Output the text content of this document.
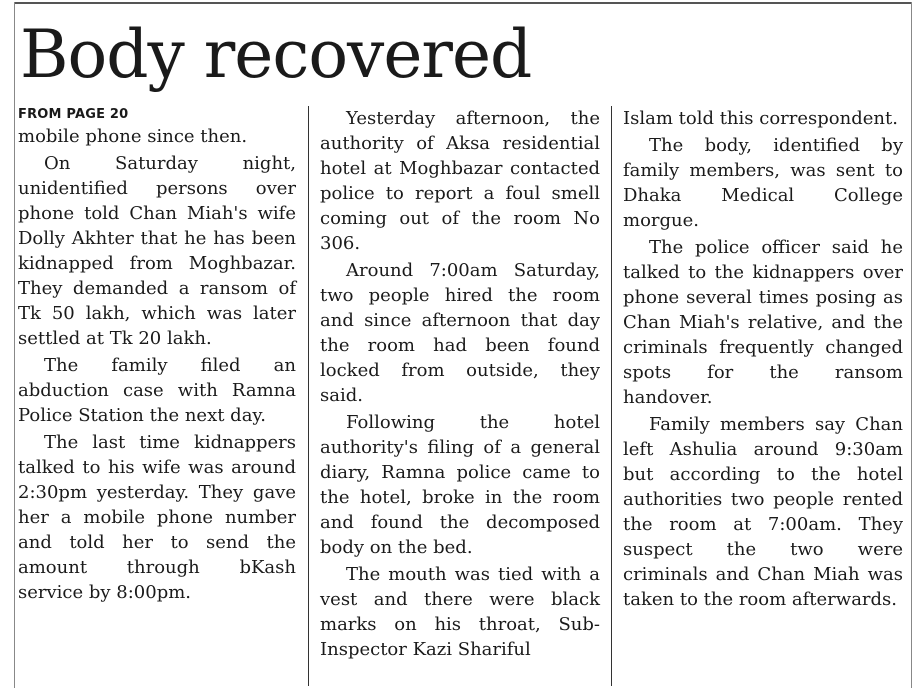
Body recovered
FROM PAGE 20

mobile phone since then.

On Saturday night, unidentified persons over phone told Chan Miah's wife Dolly Akhter that he has been kidnapped from Moghbazar. They demanded a ransom of Tk 50 lakh, which was later settled at Tk 20 lakh.

The family filed an abduction case with Ramna Police Station the next day.

The last time kidnappers talked to his wife was around 2:30pm yesterday. They gave her a mobile phone number and told her to send the amount through bKash service by 8:00pm.

Yesterday afternoon, the authority of Aksa residential hotel at Moghbazar contacted police to report a foul smell coming out of the room No 306.

Around 7:00am Saturday, two people hired the room and since afternoon that day the room had been found locked from outside, they said.

Following the hotel authority's filing of a general diary, Ramna police came to the hotel, broke in the room and found the decomposed body on the bed.

The mouth was tied with a vest and there were black marks on his throat, Sub-Inspector Kazi Shariful

Islam told this correspondent.

The body, identified by family members, was sent to Dhaka Medical College morgue.

The police officer said he talked to the kidnappers over phone several times posing as Chan Miah's relative, and the criminals frequently changed spots for the ransom handover.

Family members say Chan left Ashulia around 9:30am but according to the hotel authorities two people rented the room at 7:00am. They suspect the two were criminals and Chan Miah was taken to the room afterwards.
